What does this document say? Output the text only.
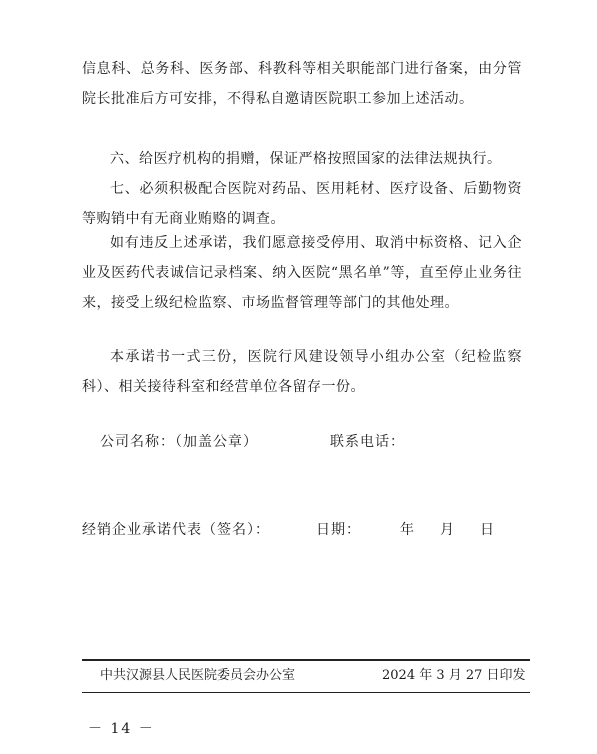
信息科、总务科、医务部、科教科等相关职能部门进行备案，由分管院长批准后方可安排，不得私自邀请医院职工参加上述活动。

六、给医疗机构的捐赠，保证严格按照国家的法律法规执行。

七、必须积极配合医院对药品、医用耗材、医疗设备、后勤物资等购销中有无商业贿赂的调查。

如有违反上述承诺，我们愿意接受停用、取消中标资格、记入企业及医药代表诚信记录档案、纳入医院“黑名单”等，直至停止业务往来，接受上级纪检监察、市场监督管理等部门的其他处理。

本承诺书一式三份，医院行风建设领导小组办公室（纪检监察科）、相关接待科室和经营单位各留存一份。

公司名称：（加盖公章）	联系电话：

经销企业承诺代表（签名）：	日期：	年 月 日

中共汉源县人民医院委员会办公室	2024 年 3 月 27 日印发

－ 14 －
